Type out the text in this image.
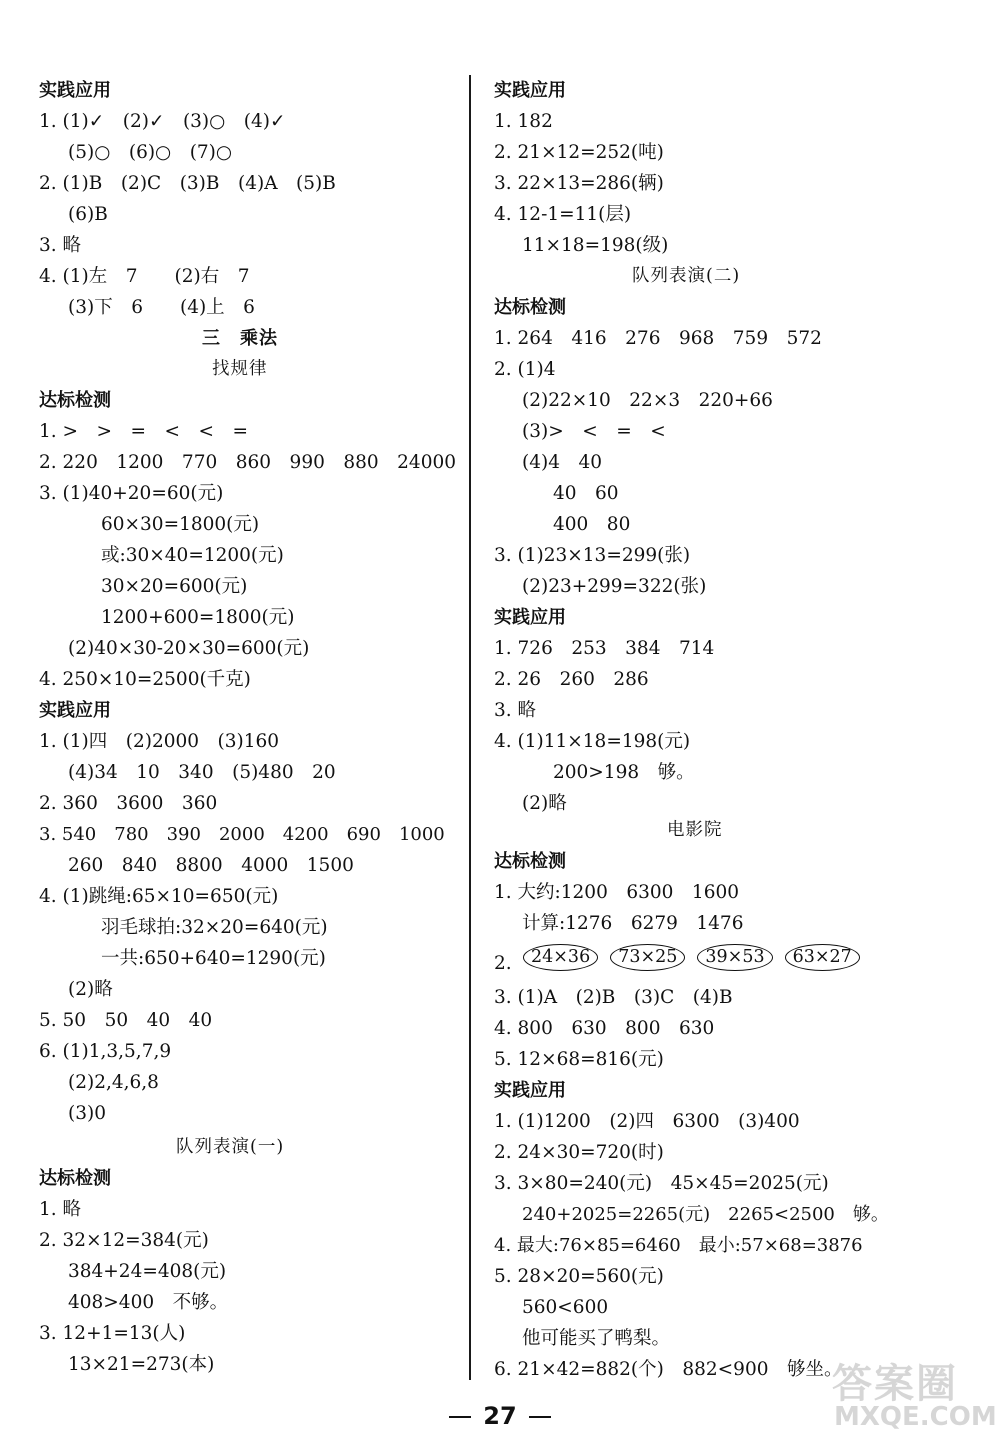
实践应用
1. (1)✓　(2)✓　(3)○　(4)✓
(5)○　(6)○　(7)○
2. (1)B　(2)C　(3)B　(4)A　(5)B
(6)B
3. 略
4. (1)左　7　　(2)右　7
(3)下　6　　(4)上　6
三　乘法
找规律
达标检测
1. >　>　=　<　<　=
2. 220　1200　770　860　990　880　24000
3. (1)40+20=60(元)
60×30=1800(元)
或:30×40=1200(元)
30×20=600(元)
1200+600=1800(元)
(2)40×30-20×30=600(元)
4. 250×10=2500(千克)
实践应用
1. (1)四　(2)2000　(3)160
(4)34　10　340　(5)480　20
2. 360　3600　360
3. 540　780　390　2000　4200　690　1000
260　840　8800　4000　1500
4. (1)跳绳:65×10=650(元)
羽毛球拍:32×20=640(元)
一共:650+640=1290(元)
(2)略
5. 50　50　40　40
6. (1)1,3,5,7,9
(2)2,4,6,8
(3)0
队列表演(一)
达标检测
1. 略
2. 32×12=384(元)
384+24=408(元)
408>400　不够。
3. 12+1=13(人)
13×21=273(本)
实践应用
1. 182
2. 21×12=252(吨)
3. 22×13=286(辆)
4. 12-1=11(层)
11×18=198(级)
队列表演(二)
达标检测
1. 264　416　276　968　759　572
2. (1)4
(2)22×10　22×3　220+66
(3)>　<　=　<
(4)4　40
40　60
400　80
3. (1)23×13=299(张)
(2)23+299=322(张)
实践应用
1. 726　253　384　714
2. 26　260　286
3. 略
4. (1)11×18=198(元)
200>198　够。
(2)略
电影院
达标检测
1. 大约:1200　6300　1600
计算:1276　6279　1476
2.
3. (1)A　(2)B　(3)C　(4)B
4. 800　630　800　630
5. 12×68=816(元)
实践应用
1. (1)1200　(2)四　6300　(3)400
2. 24×30=720(时)
3. 3×80=240(元)　45×45=2025(元)
240+2025=2265(元)　2265<2500　够。
4. 最大:76×85=6460　最小:57×68=3876
5. 28×20=560(元)
560<600
他可能买了鸭梨。
6. 21×42=882(个)　882<900　够坐。
24×36 73×25 39×53 63×27
答案圈
MXQE.COM
27
